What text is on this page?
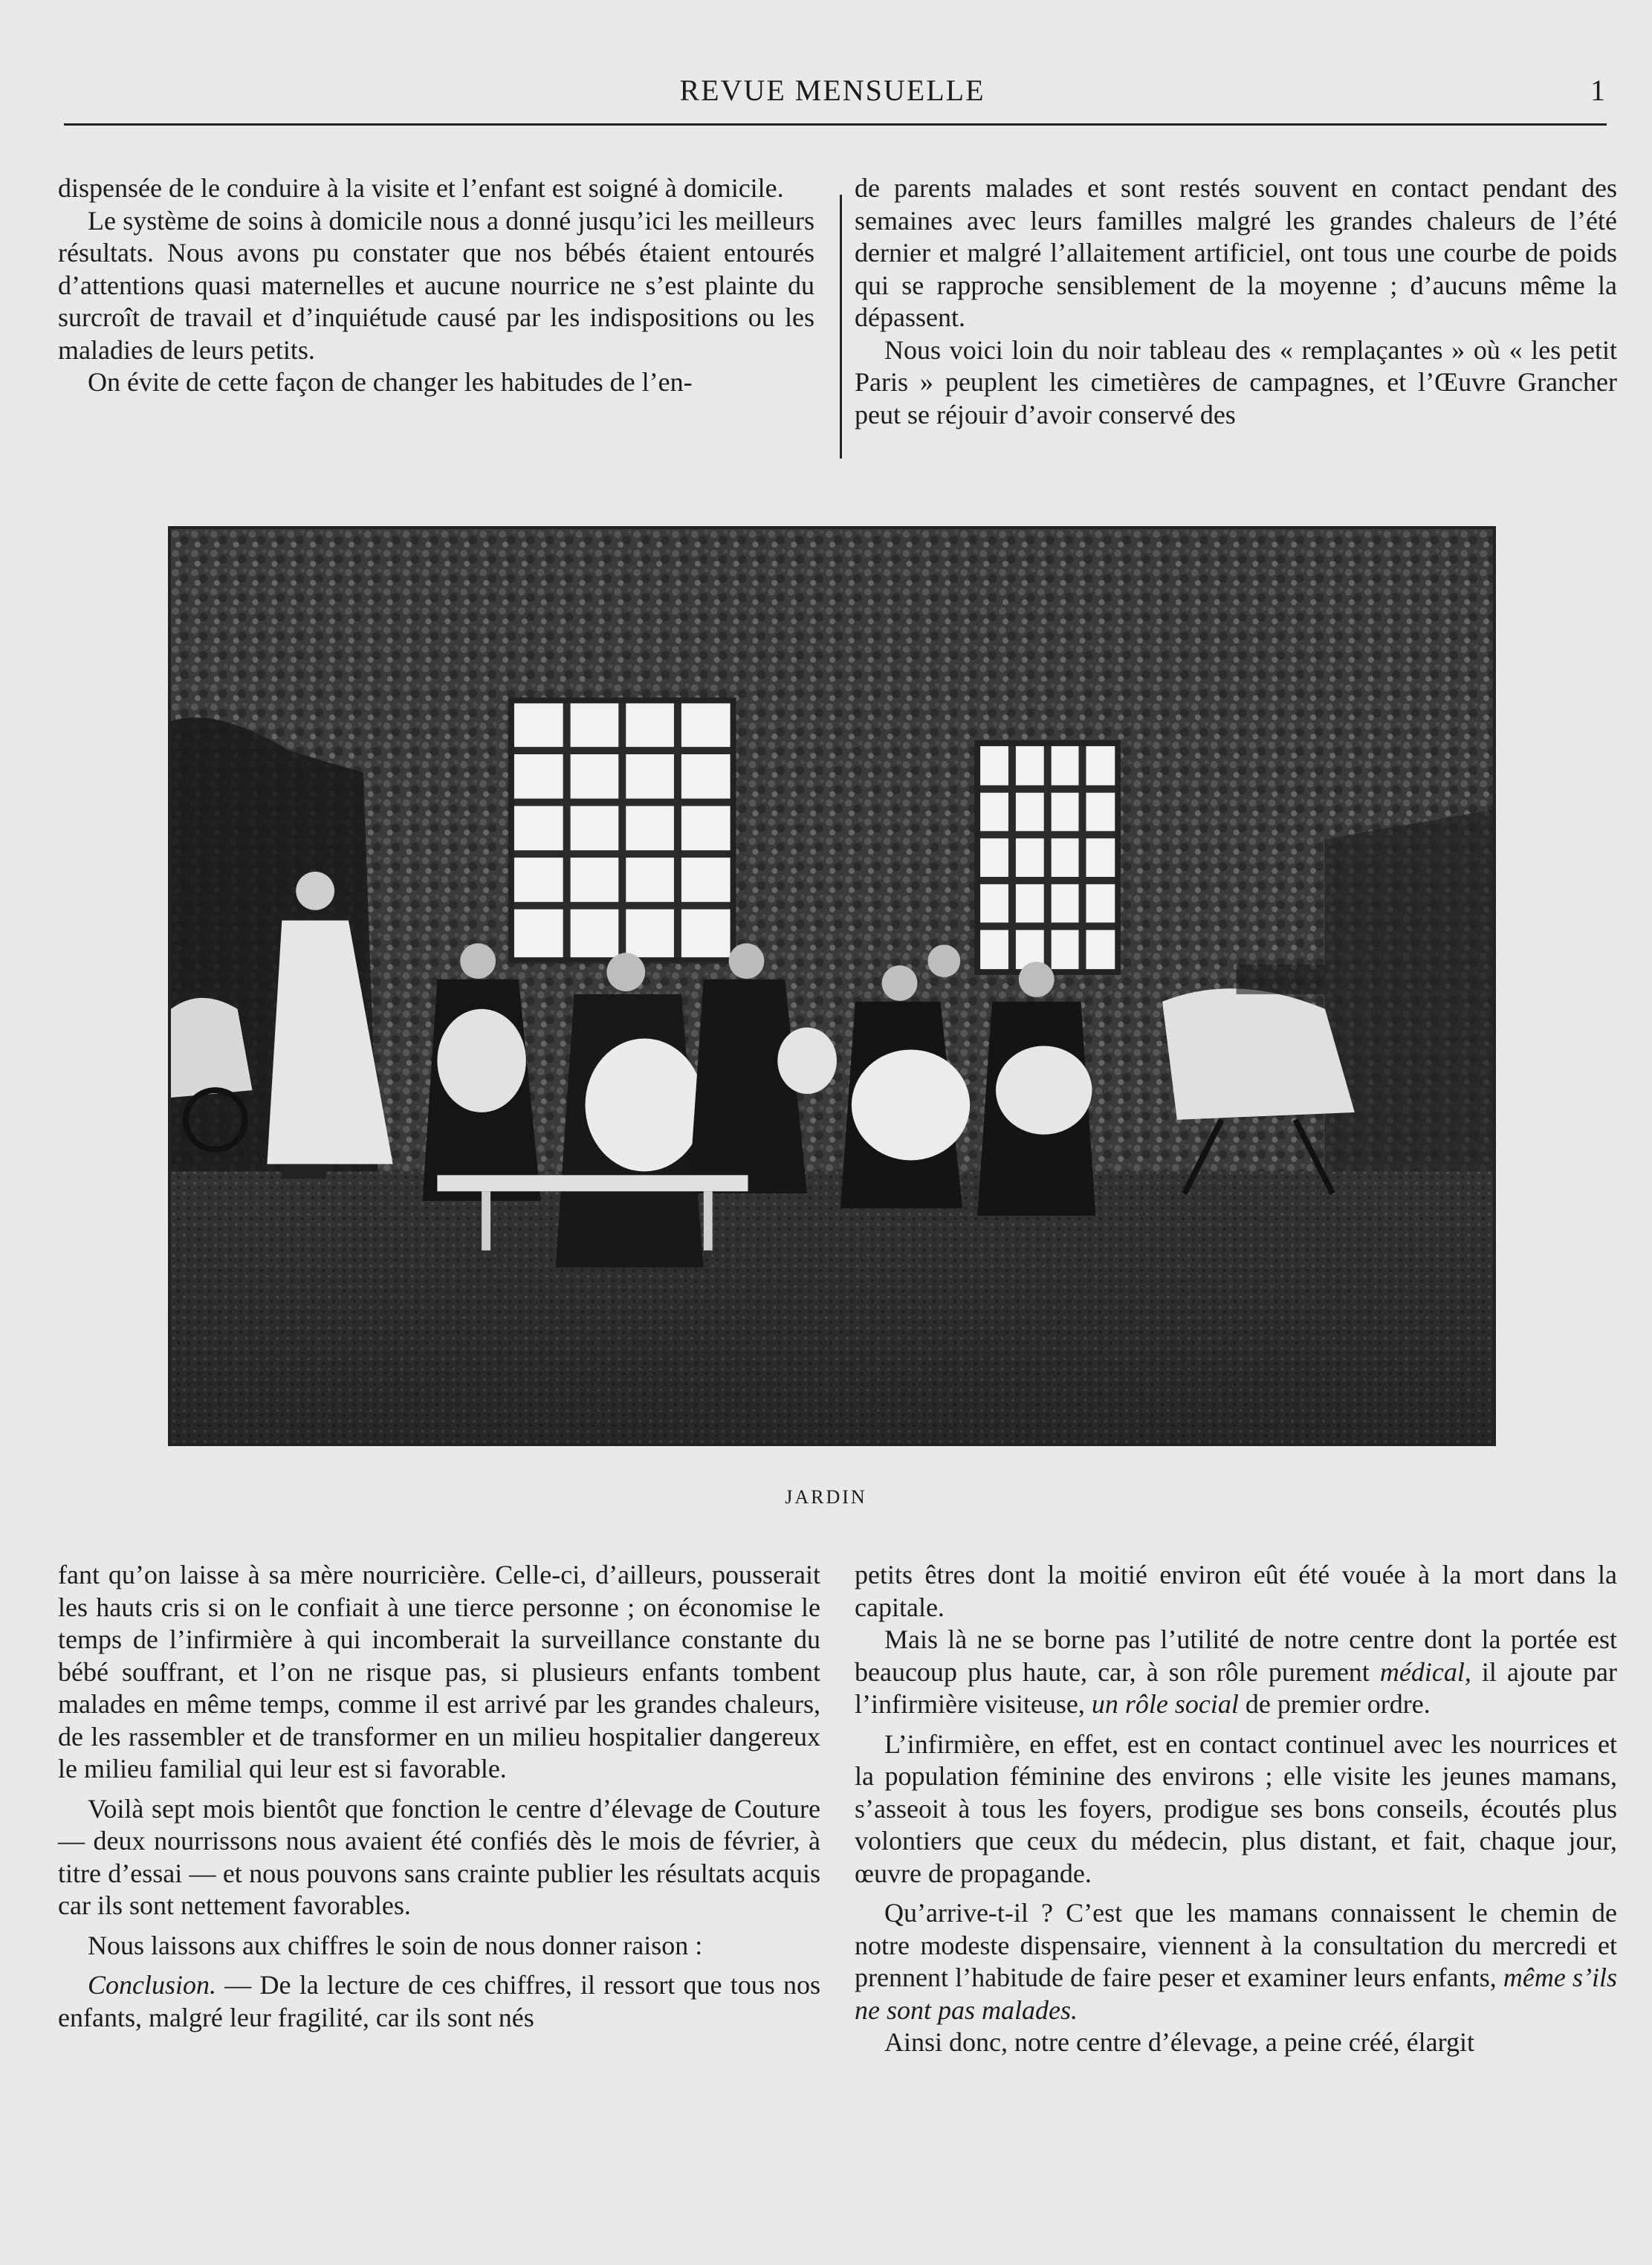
REVUE MENSUELLE	1

dispensée de le conduire à la visite et l’enfant est soigné à domicile.

Le système de soins à domicile nous a donné jusqu’ici les meilleurs résultats. Nous avons pu constater que nos bébés étaient entourés d’attentions quasi maternelles et aucune nourrice ne s’est plainte du surcroît de travail et d’inquiétude causé par les indispositions ou les maladies de leurs petits.

On évite de cette façon de changer les habitudes de l’en-

de parents malades et sont restés souvent en contact pendant des semaines avec leurs familles malgré les grandes chaleurs de l’été dernier et malgré l’allaitement artificiel, ont tous une courbe de poids qui se rapproche sensiblement de la moyenne ; d’aucuns même la dépassent.

Nous voici loin du noir tableau des « remplaçantes » où « les petit Paris » peuplent les cimetières de campagnes, et l’Œuvre Grancher peut se réjouir d’avoir conservé des

JARDIN

fant qu’on laisse à sa mère nourricière. Celle-ci, d’ailleurs, pousserait les hauts cris si on le confiait à une tierce personne ; on économise le temps de l’infirmière à qui incomberait la surveillance constante du bébé souffrant, et l’on ne risque pas, si plusieurs enfants tombent malades en même temps, comme il est arrivé par les grandes chaleurs, de les rassembler et de transformer en un milieu hospitalier dangereux le milieu familial qui leur est si favorable.

Voilà sept mois bientôt que fonction le centre d’élevage de Couture — deux nourrissons nous avaient été confiés dès le mois de février, à titre d’essai — et nous pouvons sans crainte publier les résultats acquis car ils sont nettement favorables.

Nous laissons aux chiffres le soin de nous donner raison :

Conclusion. — De la lecture de ces chiffres, il ressort que tous nos enfants, malgré leur fragilité, car ils sont nés

petits êtres dont la moitié environ eût été vouée à la mort dans la capitale.

Mais là ne se borne pas l’utilité de notre centre dont la portée est beaucoup plus haute, car, à son rôle purement médical, il ajoute par l’infirmière visiteuse, un rôle social de premier ordre.

L’infirmière, en effet, est en contact continuel avec les nourrices et la population féminine des environs ; elle visite les jeunes mamans, s’asseoit à tous les foyers, prodigue ses bons conseils, écoutés plus volontiers que ceux du médecin, plus distant, et fait, chaque jour, œuvre de propagande.

Qu’arrive-t-il ? C’est que les mamans connaissent le chemin de notre modeste dispensaire, viennent à la consultation du mercredi et prennent l’habitude de faire peser et examiner leurs enfants, même s’ils ne sont pas malades.

Ainsi donc, notre centre d’élevage, a peine créé, élargit
